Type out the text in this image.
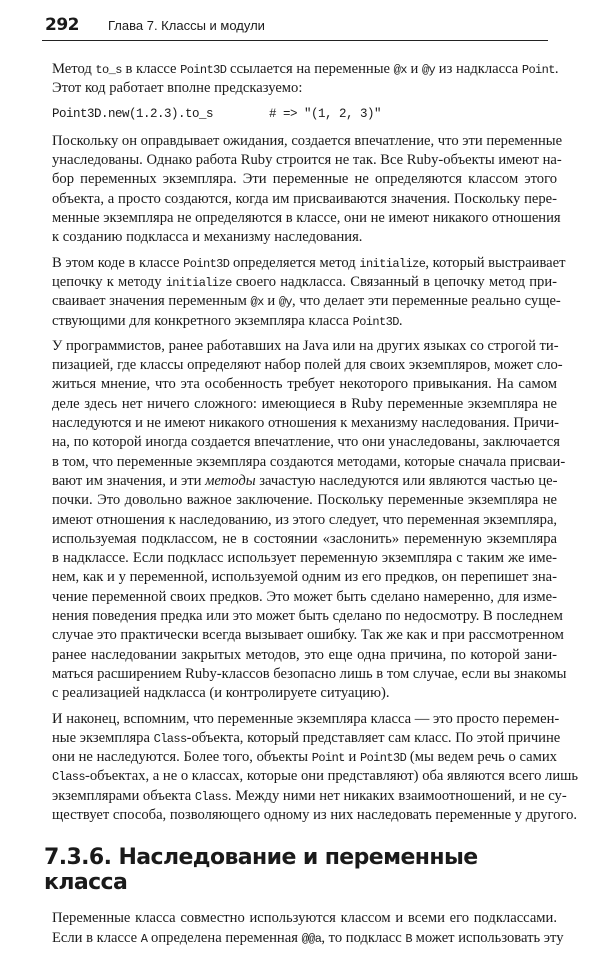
292 Глава 7. Классы и модули
Метод to_s в классе Point3D ссылается на переменные @x и @y из надкласса Point.
Этот код работает вполне предсказуемо:
Point3D.new(1.2.3).to_s        # => "(1, 2, 3)"
Поскольку он оправдывает ожидания, создается впечатление, что эти переменные
унаследованы. Однако работа Ruby строится не так. Все Ruby-объекты имеют на-
бор переменных экземпляра. Эти переменные не определяются классом этого
объекта, а просто создаются, когда им присваиваются значения. Поскольку пере-
менные экземпляра не определяются в классе, они не имеют никакого отношения
к созданию подкласса и механизму наследования.
В этом коде в классе Point3D определяется метод initialize, который выстраивает
цепочку к методу initialize своего надкласса. Связанный в цепочку метод при-
сваивает значения переменным @x и @y, что делает эти переменные реально суще-
ствующими для конкретного экземпляра класса Point3D.
У программистов, ранее работавших на Java или на других языках со строгой ти-
пизацией, где классы определяют набор полей для своих экземпляров, может сло-
житься мнение, что эта особенность требует некоторого привыкания. На самом
деле здесь нет ничего сложного: имеющиеся в Ruby переменные экземпляра не
наследуются и не имеют никакого отношения к механизму наследования. Причи-
на, по которой иногда создается впечатление, что они унаследованы, заключается
в том, что переменные экземпляра создаются методами, которые сначала присваи-
вают им значения, и эти методы зачастую наследуются или являются частью це-
почки. Это довольно важное заключение. Поскольку переменные экземпляра не
имеют отношения к наследованию, из этого следует, что переменная экземпляра,
используемая подклассом, не в состоянии «заслонить» переменную экземпляра
в надклассе. Если подкласс использует переменную экземпляра с таким же име-
нем, как и у переменной, используемой одним из его предков, он перепишет зна-
чение переменной своих предков. Это может быть сделано намеренно, для изме-
нения поведения предка или это может быть сделано по недосмотру. В последнем
случае это практически всегда вызывает ошибку. Так же как и при рассмотренном
ранее наследовании закрытых методов, это еще одна причина, по которой зани-
маться расширением Ruby-классов безопасно лишь в том случае, если вы знакомы
с реализацией надкласса (и контролируете ситуацию).
И наконец, вспомним, что переменные экземпляра класса — это просто перемен-
ные экземпляра Class-объекта, который представляет сам класс. По этой причине
они не наследуются. Более того, объекты Point и Point3D (мы ведем речь о самих
Class-объектах, а не о классах, которые они представляют) оба являются всего лишь
экземплярами объекта Class. Между ними нет никаких взаимоотношений, и не су-
ществует способа, позволяющего одному из них наследовать переменные у другого.
7.3.6. Наследование и переменные класса
Переменные класса совместно используются классом и всеми его подклассами.
Если в классе A определена переменная @@a, то подкласс B может использовать эту
